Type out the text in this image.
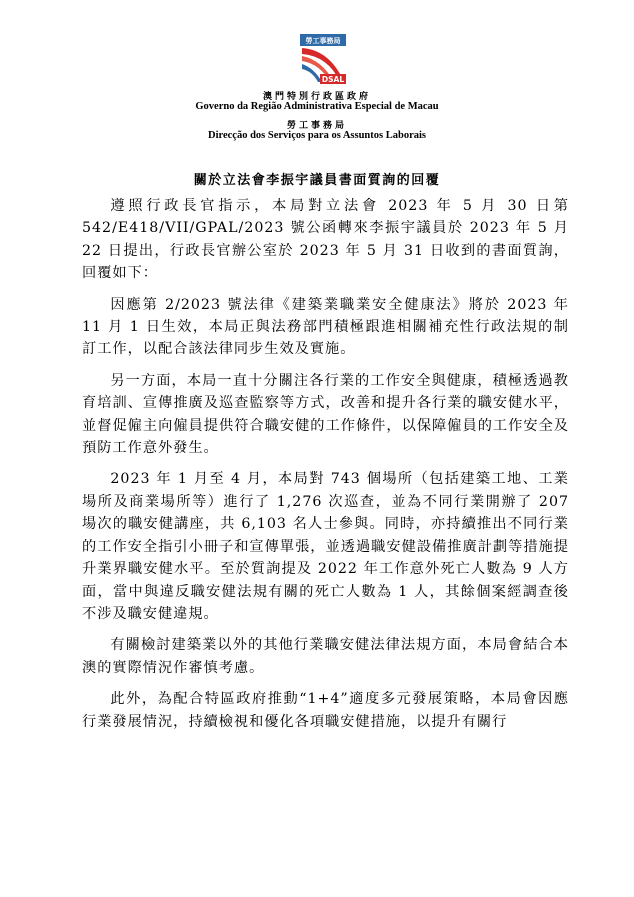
勞工事務局
DSAL
澳門特別行政區政府
Governo da Região Administrativa Especial de Macau
勞工事務局
Direcção dos Serviços para os Assuntos Laborais
關於立法會李振宇議員書面質詢的回覆

遵照行政長官指示，本局對立法會 2023 年 5 月 30 日第 542/E418/VII/GPAL/2023 號公函轉來李振宇議員於 2023 年 5 月 22 日提出，行政長官辦公室於 2023 年 5 月 31 日收到的書面質詢，回覆如下：

因應第 2/2023 號法律《建築業職業安全健康法》將於 2023 年 11 月 1 日生效，本局正與法務部門積極跟進相關補充性行政法規的制訂工作，以配合該法律同步生效及實施。

另一方面，本局一直十分關注各行業的工作安全與健康，積極透過教育培訓、宣傳推廣及巡查監察等方式，改善和提升各行業的職安健水平，並督促僱主向僱員提供符合職安健的工作條件，以保障僱員的工作安全及預防工作意外發生。

2023 年 1 月至 4 月，本局對 743 個場所（包括建築工地、工業場所及商業場所等）進行了 1,276 次巡查，並為不同行業開辦了 207 場次的職安健講座，共 6,103 名人士參與。同時，亦持續推出不同行業的工作安全指引小冊子和宣傳單張，並透過職安健設備推廣計劃等措施提升業界職安健水平。至於質詢提及 2022 年工作意外死亡人數為 9 人方面，當中與違反職安健法規有關的死亡人數為 1 人，其餘個案經調查後不涉及職安健違規。

有關檢討建築業以外的其他行業職安健法律法規方面，本局會結合本澳的實際情況作審慎考慮。

此外，為配合特區政府推動“1+4”適度多元發展策略，本局會因應行業發展情況，持續檢視和優化各項職安健措施，以提升有關行
